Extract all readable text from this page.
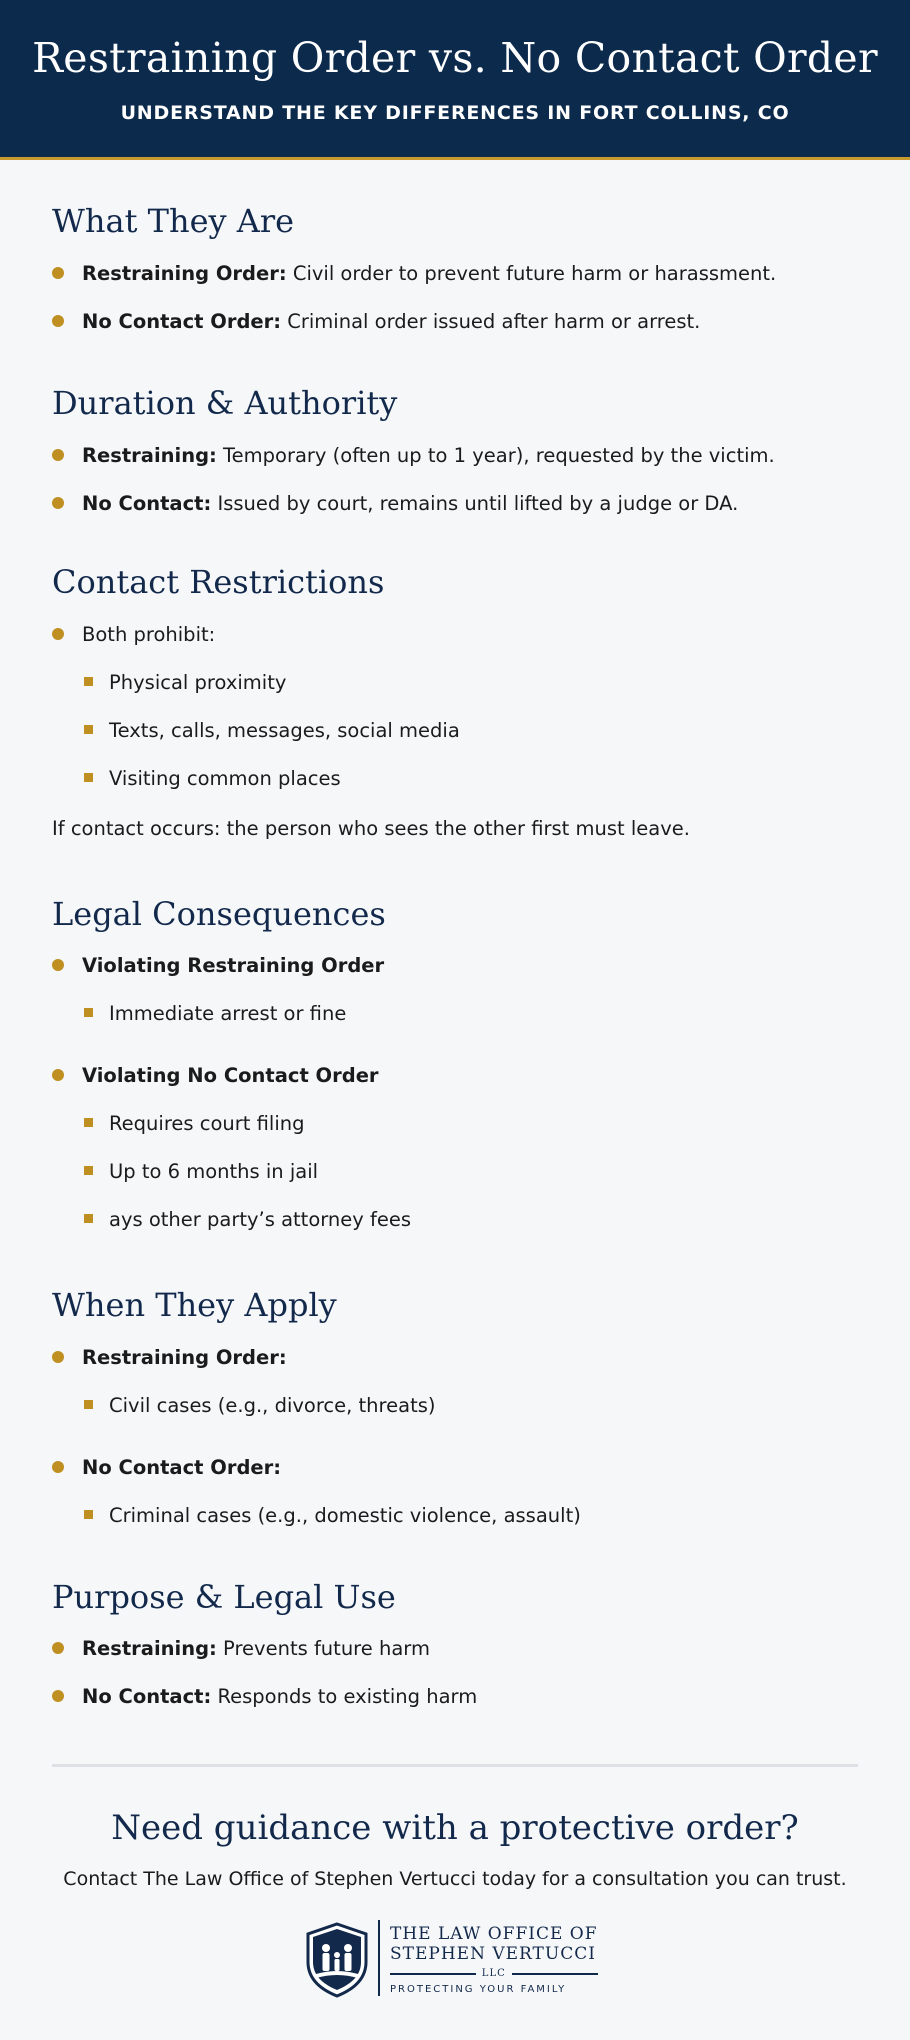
Restraining Order vs. No Contact Order
UNDERSTAND THE KEY DIFFERENCES IN FORT COLLINS, CO
What They Are
Restraining Order: Civil order to prevent future harm or harassment.
No Contact Order: Criminal order issued after harm or arrest.
Duration & Authority
Restraining: Temporary (often up to 1 year), requested by the victim.
No Contact: Issued by court, remains until lifted by a judge or DA.
Contact Restrictions
Both prohibit:
Physical proximity
Texts, calls, messages, social media
Visiting common places
If contact occurs: the person who sees the other first must leave.
Legal Consequences
Violating Restraining Order
Immediate arrest or fine
Violating No Contact Order
Requires court filing
Up to 6 months in jail
ays other party’s attorney fees
When They Apply
Restraining Order:
Civil cases (e.g., divorce, threats)
No Contact Order:
Criminal cases (e.g., domestic violence, assault)
Purpose & Legal Use
Restraining: Prevents future harm
No Contact: Responds to existing harm
Need guidance with a protective order?
Contact The Law Office of Stephen Vertucci today for a consultation you can trust.
THE LAW OFFICE OF
STEPHEN VERTUCCI
LLC
PROTECTING YOUR FAMILY
